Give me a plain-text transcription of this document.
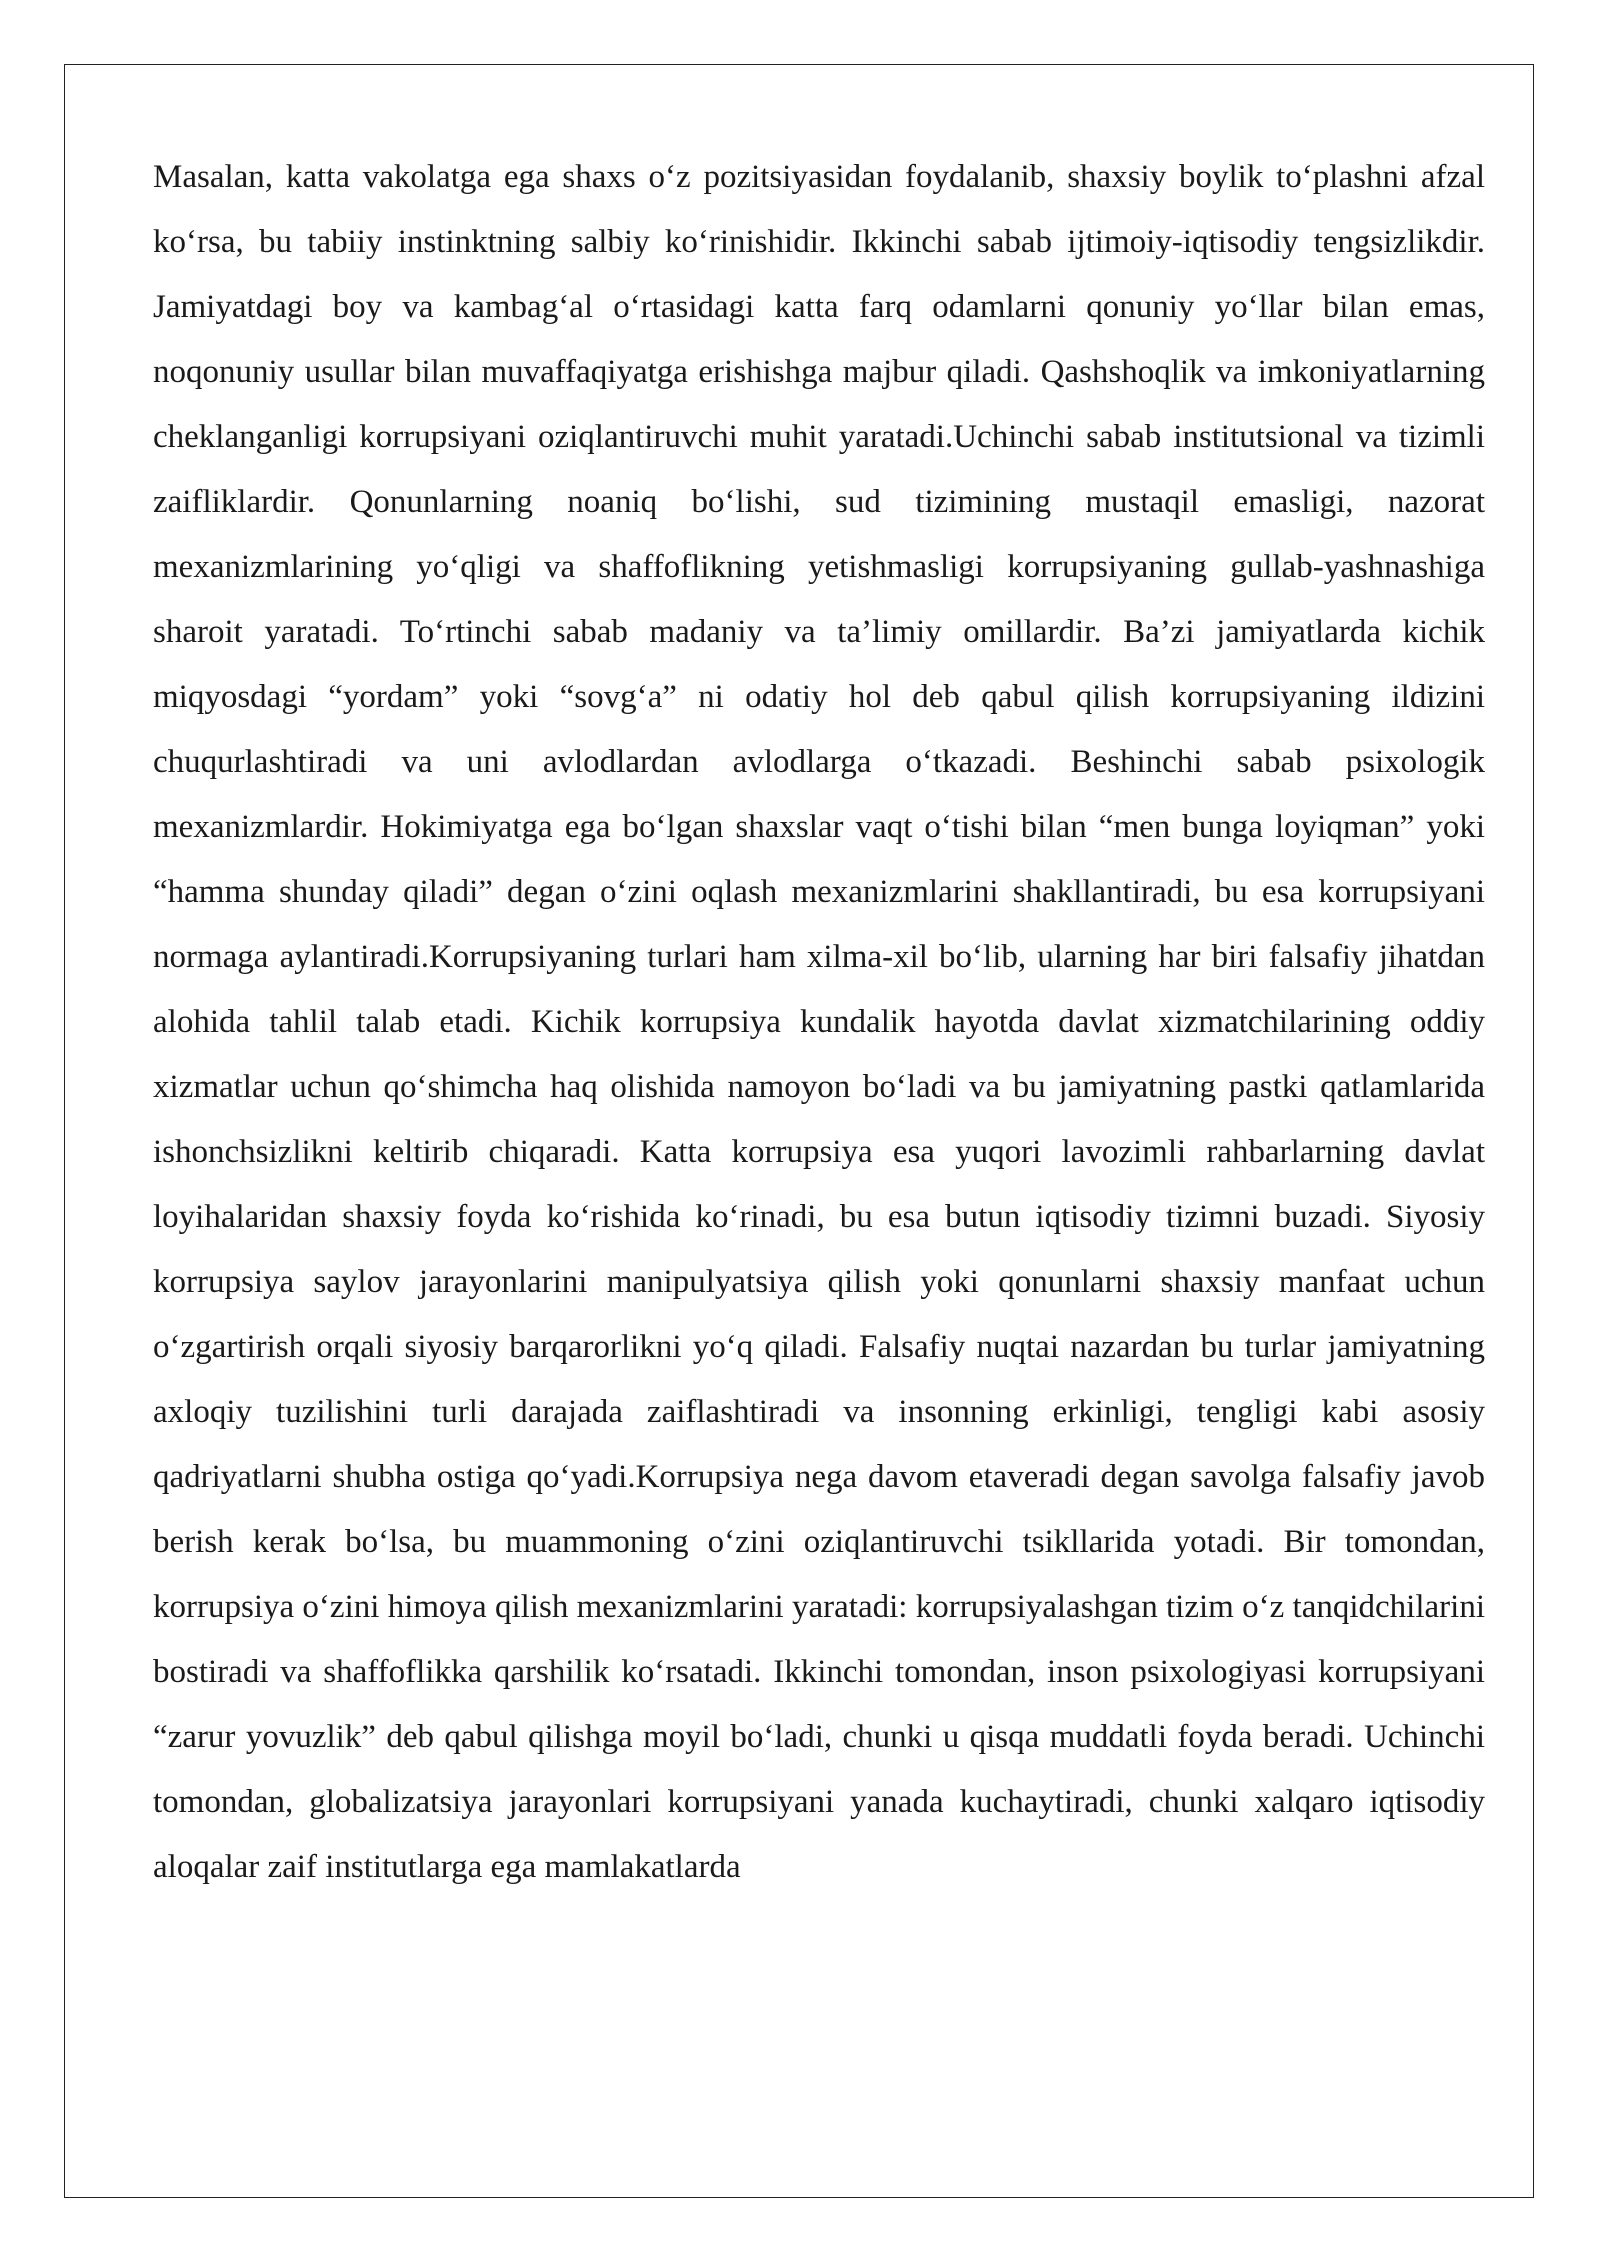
Masalan, katta vakolatga ega shaxs o‘z pozitsiyasidan foydalanib, shaxsiy boylik to‘plashni afzal ko‘rsa, bu tabiiy instinktning salbiy ko‘rinishidir. Ikkinchi sabab ijtimoiy-iqtisodiy tengsizlikdir. Jamiyatdagi boy va kambag‘al o‘rtasidagi katta farq odamlarni qonuniy yo‘llar bilan emas, noqonuniy usullar bilan muvaffaqiyatga erishishga majbur qiladi. Qashshoqlik va imkoniyatlarning cheklanganligi korrupsiyani oziqlantiruvchi muhit yaratadi.Uchinchi sabab institutsional va tizimli zaifliklardir. Qonunlarning noaniq bo‘lishi, sud tizimining mustaqil emasligi, nazorat mexanizmlarining yo‘qligi va shaffoflikning yetishmasligi korrupsiyaning gullab-yashnashiga sharoit yaratadi. To‘rtinchi sabab madaniy va ta’limiy omillardir. Ba’zi jamiyatlarda kichik miqyosdagi “yordam” yoki “sovg‘a” ni odatiy hol deb qabul qilish korrupsiyaning ildizini chuqurlashtiradi va uni avlodlardan avlodlarga o‘tkazadi. Beshinchi sabab psixologik mexanizmlardir. Hokimiyatga ega bo‘lgan shaxslar vaqt o‘tishi bilan “men bunga loyiqman” yoki “hamma shunday qiladi” degan o‘zini oqlash mexanizmlarini shakllantiradi, bu esa korrupsiyani normaga aylantiradi.Korrupsiyaning turlari ham xilma-xil bo‘lib, ularning har biri falsafiy jihatdan alohida tahlil talab etadi. Kichik korrupsiya kundalik hayotda davlat xizmatchilarining oddiy xizmatlar uchun qo‘shimcha haq olishida namoyon bo‘ladi va bu jamiyatning pastki qatlamlarida ishonchsizlikni keltirib chiqaradi. Katta korrupsiya esa yuqori lavozimli rahbarlarning davlat loyihalaridan shaxsiy foyda ko‘rishida ko‘rinadi, bu esa butun iqtisodiy tizimni buzadi. Siyosiy korrupsiya saylov jarayonlarini manipulyatsiya qilish yoki qonunlarni shaxsiy manfaat uchun o‘zgartirish orqali siyosiy barqarorlikni yo‘q qiladi. Falsafiy nuqtai nazardan bu turlar jamiyatning axloqiy tuzilishini turli darajada zaiflashtiradi va insonning erkinligi, tengligi kabi asosiy qadriyatlarni shubha ostiga qo‘yadi.Korrupsiya nega davom etaveradi degan savolga falsafiy javob berish kerak bo‘lsa, bu muammoning o‘zini oziqlantiruvchi tsikllarida yotadi. Bir tomondan, korrupsiya o‘zini himoya qilish mexanizmlarini yaratadi: korrupsiyalashgan tizim o‘z tanqidchilarini bostiradi va shaffoflikka qarshilik ko‘rsatadi. Ikkinchi tomondan, inson psixologiyasi korrupsiyani “zarur yovuzlik” deb qabul qilishga moyil bo‘ladi, chunki u qisqa muddatli foyda beradi. Uchinchi tomondan, globalizatsiya jarayonlari korrupsiyani yanada kuchaytiradi, chunki xalqaro iqtisodiy aloqalar zaif institutlarga ega mamlakatlarda
